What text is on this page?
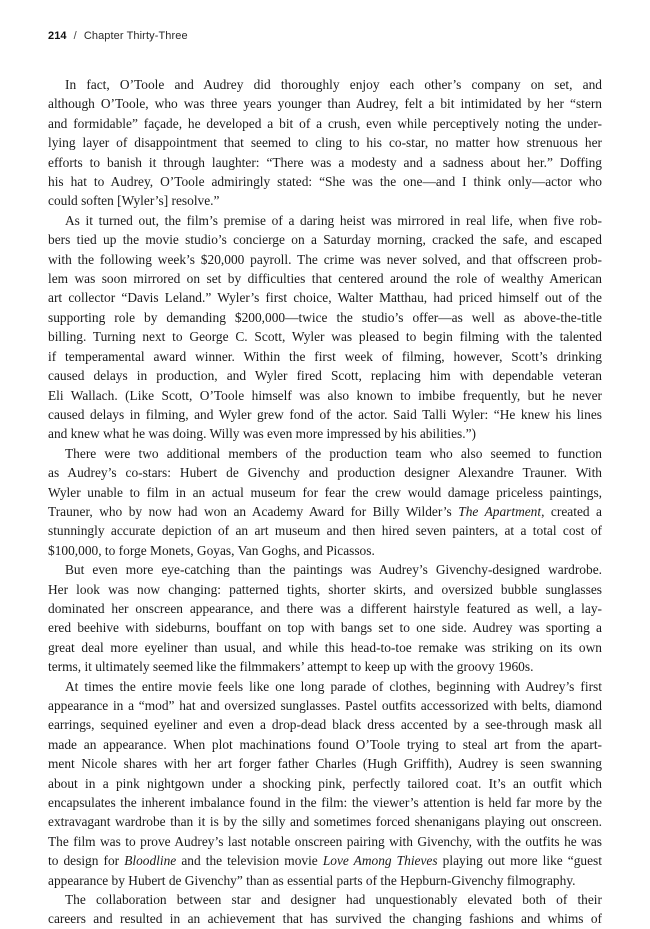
214 / Chapter Thirty-Three
In fact, O’Toole and Audrey did thoroughly enjoy each other’s company on set, and
although O’Toole, who was three years younger than Audrey, felt a bit intimidated by her “stern
and formidable” façade, he developed a bit of a crush, even while perceptively noting the under-
lying layer of disappointment that seemed to cling to his co-star, no matter how strenuous her
efforts to banish it through laughter: “There was a modesty and a sadness about her.” Doffing
his hat to Audrey, O’Toole admiringly stated: “She was the one—and I think only—actor who
could soften [Wyler’s] resolve.”
As it turned out, the film’s premise of a daring heist was mirrored in real life, when five rob-
bers tied up the movie studio’s concierge on a Saturday morning, cracked the safe, and escaped
with the following week’s $20,000 payroll. The crime was never solved, and that offscreen prob-
lem was soon mirrored on set by difficulties that centered around the role of wealthy American
art collector “Davis Leland.” Wyler’s first choice, Walter Matthau, had priced himself out of the
supporting role by demanding $200,000—twice the studio’s offer—as well as above-the-title
billing. Turning next to George C. Scott, Wyler was pleased to begin filming with the talented
if temperamental award winner. Within the first week of filming, however, Scott’s drinking
caused delays in production, and Wyler fired Scott, replacing him with dependable veteran
Eli Wallach. (Like Scott, O’Toole himself was also known to imbibe frequently, but he never
caused delays in filming, and Wyler grew fond of the actor. Said Talli Wyler: “He knew his lines
and knew what he was doing. Willy was even more impressed by his abilities.”)
There were two additional members of the production team who also seemed to function
as Audrey’s co-stars: Hubert de Givenchy and production designer Alexandre Trauner. With
Wyler unable to film in an actual museum for fear the crew would damage priceless paintings,
Trauner, who by now had won an Academy Award for Billy Wilder’s The Apartment, created a
stunningly accurate depiction of an art museum and then hired seven painters, at a total cost of
$100,000, to forge Monets, Goyas, Van Goghs, and Picassos.
But even more eye-catching than the paintings was Audrey’s Givenchy-designed wardrobe.
Her look was now changing: patterned tights, shorter skirts, and oversized bubble sunglasses
dominated her onscreen appearance, and there was a different hairstyle featured as well, a lay-
ered beehive with sideburns, bouffant on top with bangs set to one side. Audrey was sporting a
great deal more eyeliner than usual, and while this head-to-toe remake was striking on its own
terms, it ultimately seemed like the filmmakers’ attempt to keep up with the groovy 1960s.
At times the entire movie feels like one long parade of clothes, beginning with Audrey’s first
appearance in a “mod” hat and oversized sunglasses. Pastel outfits accessorized with belts, diamond
earrings, sequined eyeliner and even a drop-dead black dress accented by a see-through mask all
made an appearance. When plot machinations found O’Toole trying to steal art from the apart-
ment Nicole shares with her art forger father Charles (Hugh Griffith), Audrey is seen swanning
about in a pink nightgown under a shocking pink, perfectly tailored coat. It’s an outfit which
encapsulates the inherent imbalance found in the film: the viewer’s attention is held far more by the
extravagant wardrobe than it is by the silly and sometimes forced shenanigans playing out onscreen.
The film was to prove Audrey’s last notable onscreen pairing with Givenchy, with the outfits he was
to design for Bloodline and the television movie Love Among Thieves playing out more like “guest
appearance by Hubert de Givenchy” than as essential parts of the Hepburn-Givenchy filmography.
The collaboration between star and designer had unquestionably elevated both of their
careers and resulted in an achievement that has survived the changing fashions and whims of
